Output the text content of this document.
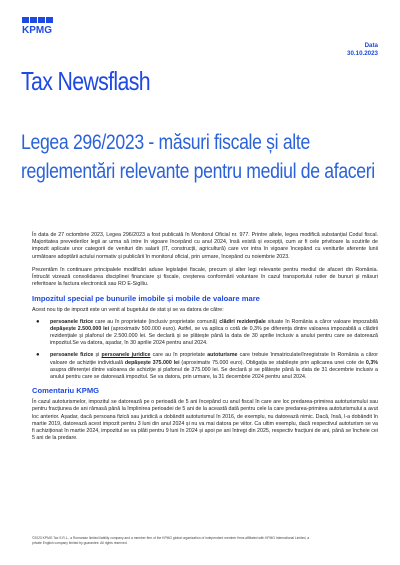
KPMG
Data
30.10.2023
Tax Newsflash
Legea 296/2023 - măsuri fiscale și alte reglementări relevante pentru mediul de afaceri

În data de 27 octombrie 2023, Legea 296/2023 a fost publicată în Monitorul Oficial nr. 977. Printre altele, legea modifică substanțial Codul fiscal. Majoritatea prevederilor legii ar urma să intre în vigoare începând cu anul 2024, însă există și excepții, cum ar fi cele privitoare la scutirile de impozit aplicate unor categorii de venituri din salarii (IT, construcții, agricultură) care vor intra în vigoare începând cu veniturile aferente lunii următoare adoptării actului normativ și publicării în monitorul oficial, prin urmare, începând cu noiembrie 2023.

Prezentăm în continuare principalele modificări aduse legislației fiscale, precum și alter legi relevante pentru mediul de afaceri din România. Întrucât vizează consolidarea disciplinei financiare și fiscale, creșterea conformării voluntare în cazul transportului rutier de bunuri și măsuri referitoare la factura electronică sau RO E-Sigiliu.

Impozitul special pe bunurile imobile și mobile de valoare mare

Acest nou tip de impozit este un venit al bugetului de stat și se va datora de către:

●	persoanele fizice care au în proprietate (inclusiv proprietate comună) clădiri rezidențiale situate în România a căror valoare impozabilă depășește 2.500.000 lei (aproximativ 500.000 euro). Astfel, se va aplica o cotă de 0,3% pe diferența dintre valoarea impozabilă a clădirii rezidențiale și plafonul de 2.500.000 lei. Se declară și se plătește până la data de 30 aprilie inclusiv a anului pentru care se datorează impozitul.Se va datora, așadar, în 30 aprilie 2024 pentru anul 2024.
●	persoanele fizice și persoanele juridice care au în proprietate autoturisme care trebuie înmatriculate/înregistrate în România a căror valoare de achiziție individuală depășește 375.000 lei (aproximativ 75.000 euro). Obligația se stabilește prin aplicarea unei cote de 0,3% asupra diferenței dintre valoarea de achiziție și plafonul de 375.000 lei. Se declară și se plătește până la data de 31 decembrie inclusiv a anului pentru care se datorează impozitul. Se va datora, prin urmare, la 31 decembrie 2024 pentru anul 2024.
Comentariu KPMG

În cazul autoturismelor, impozitul se datorează pe o perioadă de 5 ani începând cu anul fiscal în care are loc predarea-primirea autoturismului sau pentru fracțiunea de ani rămasă până la împlinirea perioadei de 5 ani de la această dată pentru cele la care predarea-primirea autoturismului a avut loc anterior. Așadar, dacă persoana fizică sau juridică a dobândit autoturismul în 2016, de exemplu, nu datorează nimic. Dacă, însă, l-a dobândit în martie 2019, datorează acest impozit pentru 3 luni din anul 2024 și nu va mai datora pe viitor. Ca ultim exemplu, dacă respectivul autoturism se va fi achiziționat în martie 2024, impozitul se va plăti pentru 9 luni în 2024 și apoi pe ani întregi din 2025, respectiv fracțiuni de ani, până se încheie cei 5 ani de la predare.

©2023 KPMG Tax S.R.L., a Romanian limited liability company and a member firm of the KPMG global organization of independent member firms affiliated with KPMG International Limited, a
private English company limited by guarantee. All rights reserved.
